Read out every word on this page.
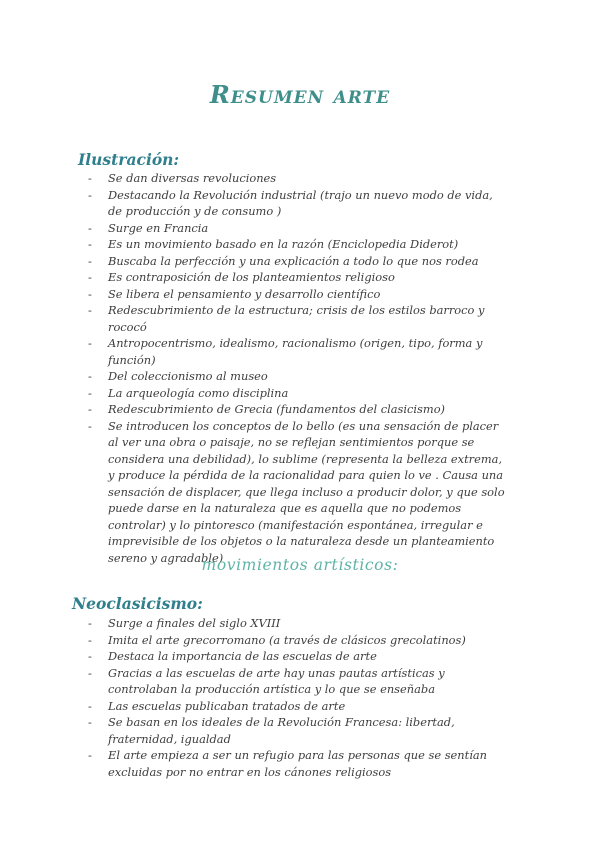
Resumen arte
Ilustración:
- Se dan diversas revoluciones
- Destacando la Revolución industrial (trajo un nuevo modo de vida, de producción y de consumo )
- Surge en Francia
- Es un movimiento basado en la razón (Enciclopedia Diderot)
- Buscaba la perfección y una explicación a todo lo que nos rodea
- Es contraposición de los planteamientos religioso
- Se libera el pensamiento y desarrollo científico
- Redescubrimiento de la estructura; crisis de los estilos barroco y rococó
- Antropocentrismo, idealismo, racionalismo (origen, tipo, forma y función)
- Del coleccionismo al museo
- La arqueología como disciplina
- Redescubrimiento de Grecia (fundamentos del clasicismo)
- Se introducen los conceptos de lo bello (es una sensación de placer al ver una obra o paisaje, no se reflejan sentimientos porque se considera una debilidad), lo sublime (representa la belleza extrema, y produce la pérdida de la racionalidad para quien lo ve . Causa una sensación de displacer, que llega incluso a producir dolor, y que solo puede darse en la naturaleza que es aquella que no podemos controlar) y lo pintoresco (manifestación espontánea, irregular e imprevisible de los objetos o la naturaleza desde un planteamiento sereno y agradable)
movimientos artísticos:
Neoclasicismo:
- Surge a finales del siglo XVIII
- Imita el arte grecorromano (a través de clásicos grecolatinos)
- Destaca la importancia de las escuelas de arte
- Gracias a las escuelas de arte hay unas pautas artísticas y controlaban la producción artística y lo que se enseñaba
- Las escuelas publicaban tratados de arte
- Se basan en los ideales de la Revolución Francesa: libertad, fraternidad, igualdad
- El arte empieza a ser un refugio para las personas que se sentían excluidas por no entrar en los cánones religiosos
